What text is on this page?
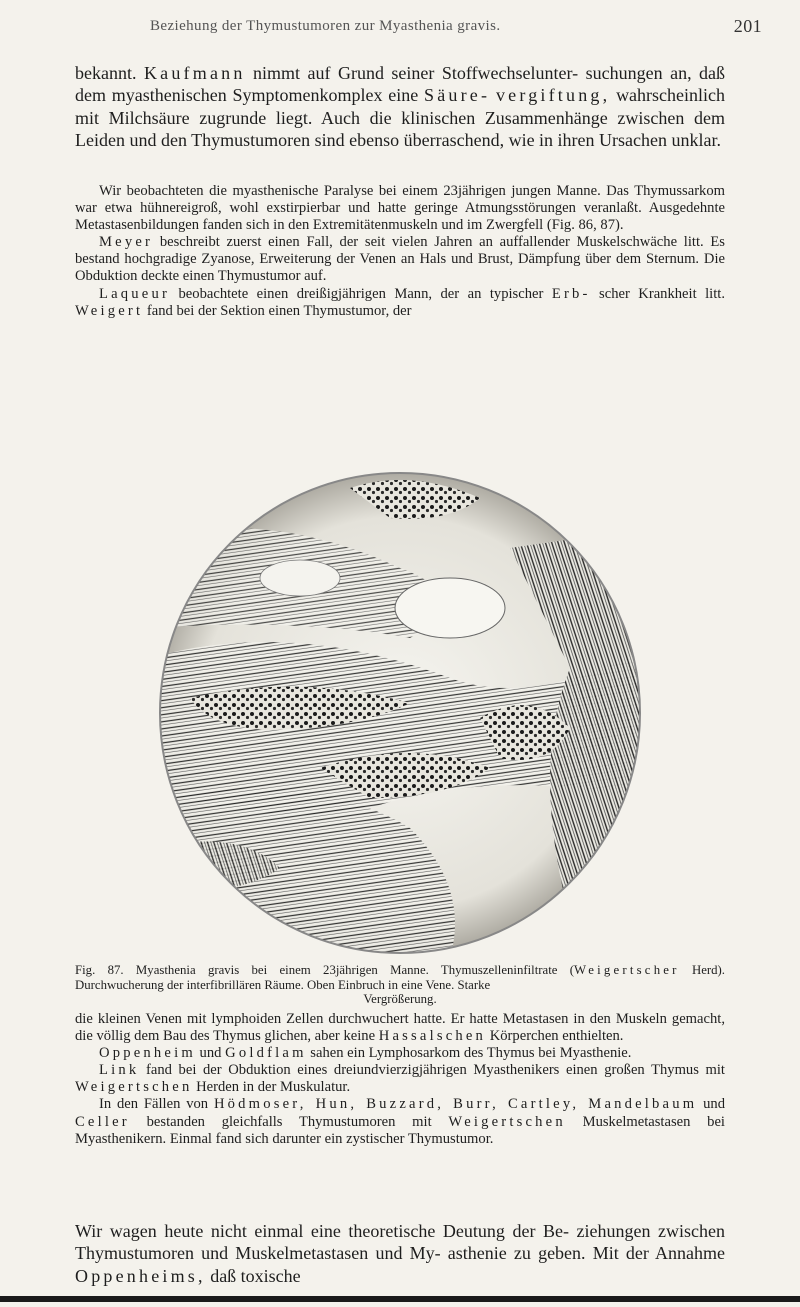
Beziehung der Thymustumoren zur Myasthenia gravis.	201

bekannt. Kaufmann nimmt auf Grund seiner Stoffwechselunter- suchungen an, daß dem myasthenischen Symptomenkomplex eine Säure- vergiftung, wahrscheinlich mit Milchsäure zugrunde liegt. Auch die klinischen Zusammenhänge zwischen dem Leiden und den Thymustumoren sind ebenso überraschend, wie in ihren Ursachen unklar.

Wir beobachteten die myasthenische Paralyse bei einem 23jährigen jungen Manne. Das Thymussarkom war etwa hühnereigroß, wohl exstirpierbar und hatte geringe Atmungsstörungen veranlaßt. Ausgedehnte Metastasenbildungen fanden sich in den Extremitätenmuskeln und im Zwergfell (Fig. 86, 87).

Meyer beschreibt zuerst einen Fall, der seit vielen Jahren an auffallender Muskelschwäche litt. Es bestand hochgradige Zyanose, Erweiterung der Venen an Hals und Brust, Dämpfung über dem Sternum. Die Obduktion deckte einen Thymustumor auf.

Laqueur beobachtete einen dreißigjährigen Mann, der an typischer Erb- scher Krankheit litt. Weigert fand bei der Sektion einen Thymustumor, der

Fig. 87. Myasthenia gravis bei einem 23jährigen Manne. Thymuszelleninfiltrate (Weigertscher Herd). Durchwucherung der interfibrillären Räume. Oben Einbruch in eine Vene. Starke
Vergrößerung.

die kleinen Venen mit lymphoiden Zellen durchwuchert hatte. Er hatte Metastasen in den Muskeln gemacht, die völlig dem Bau des Thymus glichen, aber keine Hassalschen Körperchen enthielten.

Oppenheim und Goldflam sahen ein Lymphosarkom des Thymus bei Myasthenie.

Link fand bei der Obduktion eines dreiundvierzigjährigen Myasthenikers einen großen Thymus mit Weigertschen Herden in der Muskulatur.

In den Fällen von Hödmoser, Hun, Buzzard, Burr, Cartley, Mandelbaum und Celler bestanden gleichfalls Thymustumoren mit Weigertschen Muskelmetastasen bei Myasthenikern. Einmal fand sich darunter ein zystischer Thymustumor.

Wir wagen heute nicht einmal eine theoretische Deutung der Be- ziehungen zwischen Thymustumoren und Muskelmetastasen und My- asthenie zu geben. Mit der Annahme Oppenheims, daß toxische
